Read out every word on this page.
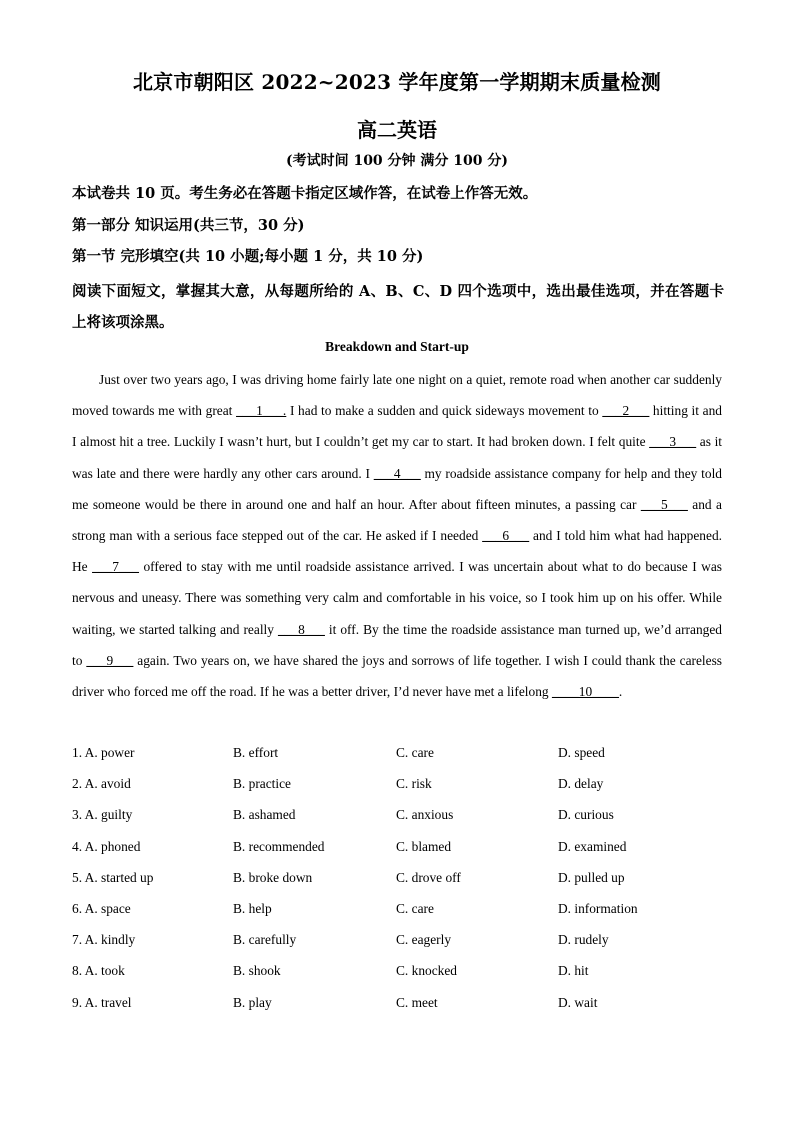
北京市朝阳区 2022~2023 学年度第一学期期末质量检测
高二英语
(考试时间 100 分钟 满分 100 分)
本试卷共 10 页。考生务必在答题卡指定区域作答，在试卷上作答无效。
第一部分 知识运用(共三节，30 分)
第一节 完形填空(共 10 小题;每小题 1 分，共 10 分)
阅读下面短文，掌握其大意，从每题所给的 A、B、C、D 四个选项中，选出最佳选项，并在答题卡上将该项涂黑。
Breakdown and Start-up

Just over two years ago, I was driving home fairly late one night on a quiet, remote road when another car suddenly moved towards me with great ___1___. I had to make a sudden and quick sideways movement to ___2___ hitting it and I almost hit a tree. Luckily I wasn’t hurt, but I couldn’t get my car to start. It had broken down. I felt quite ___3___ as it was late and there were hardly any other cars around. I ___4___ my roadside assistance company for help and they told me someone would be there in around one and half an hour. After about fifteen minutes, a passing car ___5___ and a strong man with a serious face stepped out of the car. He asked if I needed ___6___ and I told him what had happened. He ___7___ offered to stay with me until roadside assistance arrived. I was uncertain about what to do because I was nervous and uneasy. There was something very calm and comfortable in his voice, so I took him up on his offer. While waiting, we started talking and really ___8___ it off. By the time the roadside assistance man turned up, we’d arranged to ___9___ again. Two years on, we have shared the joys and sorrows of life together. I wish I could thank the careless driver who forced me off the road. If he was a better driver, I’d never have met a lifelong ____10____.

1. A. power	B. effort	C. care	D. speed
2. A. avoid	B. practice	C. risk	D. delay
3. A. guilty	B. ashamed	C. anxious	D. curious
4. A. phoned	B. recommended	C. blamed	D. examined
5. A. started up	B. broke down	C. drove off	D. pulled up
6. A. space	B. help	C. care	D. information
7. A. kindly	B. carefully	C. eagerly	D. rudely
8. A. took	B. shook	C. knocked	D. hit
9. A. travel	B. play	C. meet	D. wait
